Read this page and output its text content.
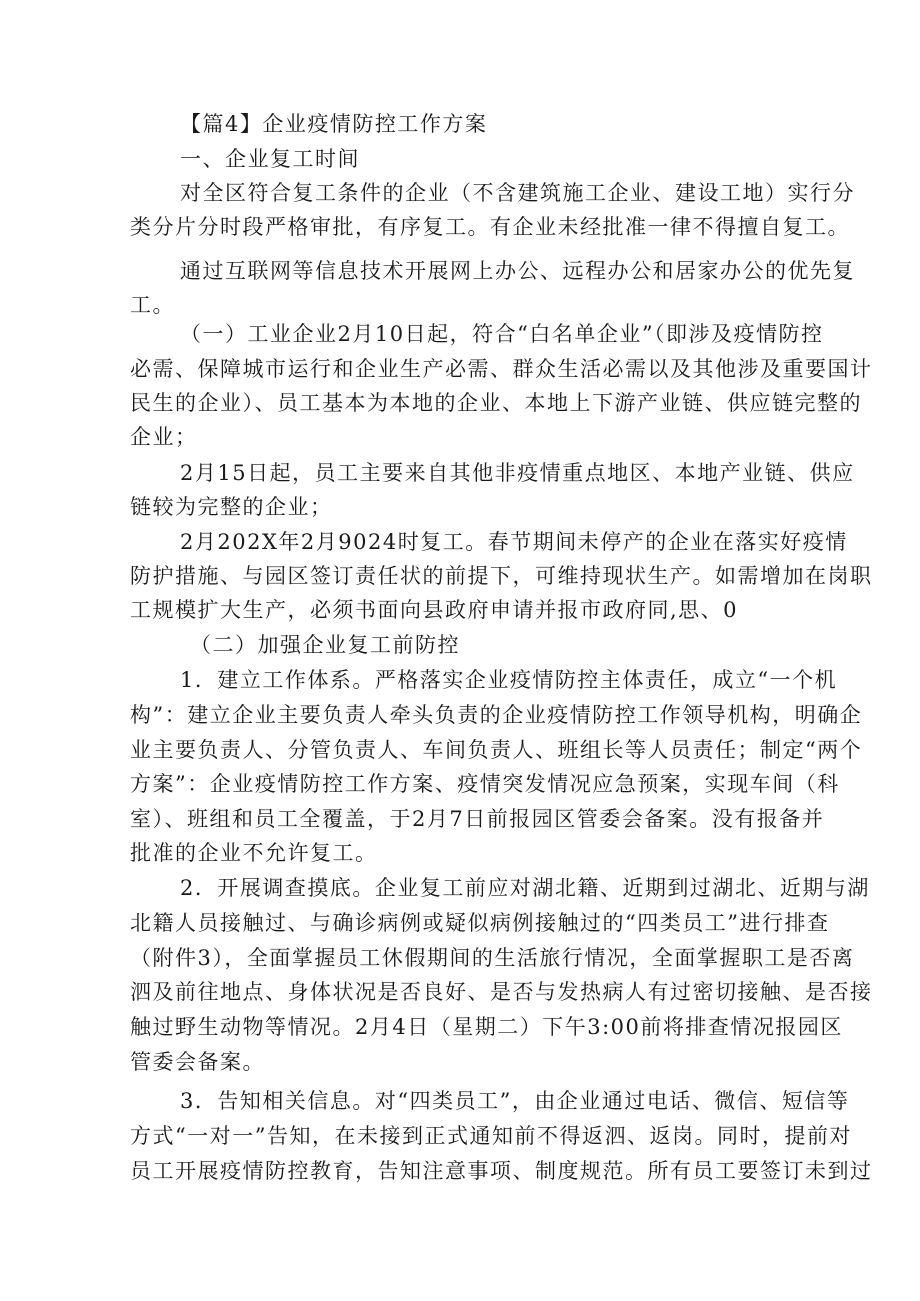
【篇4】企业疫情防控工作方案
一、企业复工时间
对全区符合复工条件的企业（不含建筑施工企业、建设工地）实行分
类分片分时段严格审批，有序复工。有企业未经批准一律不得擅自复工。
通过互联网等信息技术开展网上办公、远程办公和居家办公的优先复
工。
（一）工业企业2月10日起，符合“白名单企业”（即涉及疫情防控
必需、保障城市运行和企业生产必需、群众生活必需以及其他涉及重要国计
民生的企业）、员工基本为本地的企业、本地上下游产业链、供应链完整的
企业；
2月15日起，员工主要来自其他非疫情重点地区、本地产业链、供应
链较为完整的企业；
2月202X年2月9024时复工。春节期间未停产的企业在落实好疫情
防护措施、与园区签订责任状的前提下，可维持现状生产。如需增加在岗职
工规模扩大生产，必须书面向县政府申请并报市政府同,思、0
（二）加强企业复工前防控
1．建立工作体系。严格落实企业疫情防控主体责任，成立“一个机
构”：建立企业主要负责人牵头负责的企业疫情防控工作领导机构，明确企
业主要负责人、分管负责人、车间负责人、班组长等人员责任；制定“两个
方案”：企业疫情防控工作方案、疫情突发情况应急预案，实现车间（科
室）、班组和员工全覆盖，于2月7日前报园区管委会备案。没有报备并
批准的企业不允许复工。
2．开展调查摸底。企业复工前应对湖北籍、近期到过湖北、近期与湖
北籍人员接触过、与确诊病例或疑似病例接触过的“四类员工”进行排查
（附件3），全面掌握员工休假期间的生活旅行情况，全面掌握职工是否离
泗及前往地点、身体状况是否良好、是否与发热病人有过密切接触、是否接
触过野生动物等情况。2月4日（星期二）下午3:00前将排查情况报园区
管委会备案。
3．告知相关信息。对“四类员工”，由企业通过电话、微信、短信等
方式“一对一”告知，在未接到正式通知前不得返泗、返岗。同时，提前对
员工开展疫情防控教育，告知注意事项、制度规范。所有员工要签订未到过
